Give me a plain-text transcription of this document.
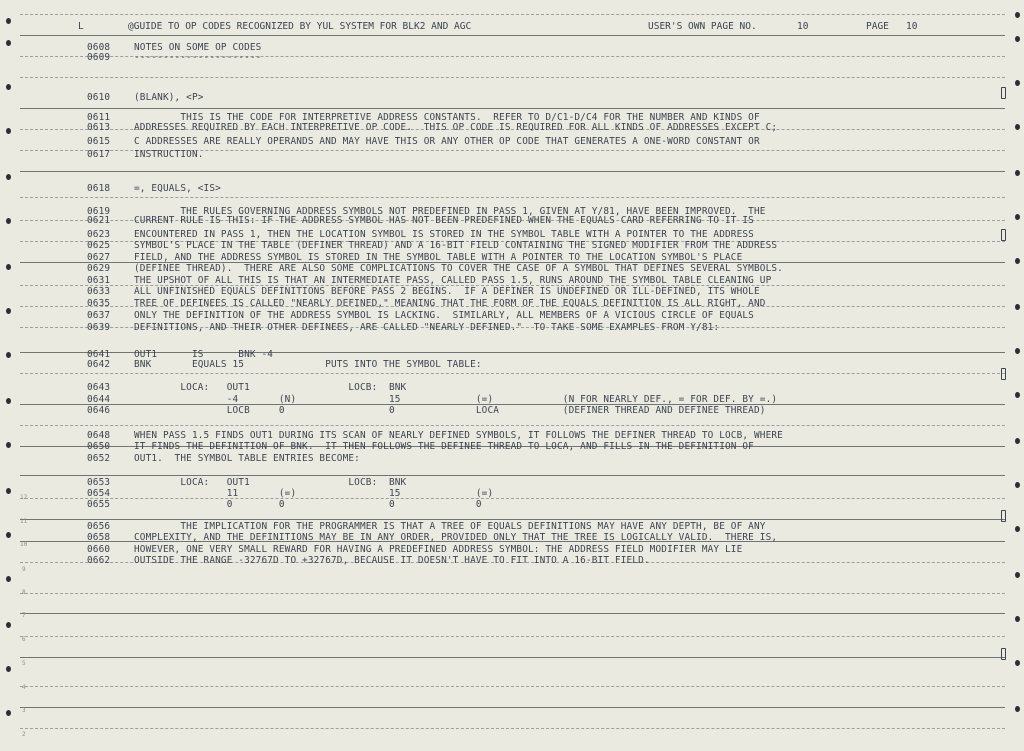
L	@GUIDE TO OP CODES RECOGNIZED BY YUL SYSTEM FOR BLK2 AND AGC	USER'S OWN PAGE NO.	10	PAGE 10
12
11
10
9
8
7
6
5
4
3
2
0608	NOTES ON SOME OP CODES
0609	----------------------
0610	(BLANK), <P>
0611	THIS IS THE CODE FOR INTERPRETIVE ADDRESS CONSTANTS.  REFER TO D/C1-D/C4 FOR THE NUMBER AND KINDS OF
0613	ADDRESSES REQUIRED BY EACH INTERPRETIVE OP CODE.  THIS OP CODE IS REQUIRED FOR ALL KINDS OF ADDRESSES EXCEPT C;
0615	C ADDRESSES ARE REALLY OPERANDS AND MAY HAVE THIS OR ANY OTHER OP CODE THAT GENERATES A ONE-WORD CONSTANT OR
0617	INSTRUCTION.
0618	=, EQUALS, <IS>
0619	THE RULES GOVERNING ADDRESS SYMBOLS NOT PREDEFINED IN PASS 1, GIVEN AT Y/81, HAVE BEEN IMPROVED.  THE
0621	CURRENT RULE IS THIS: IF THE ADDRESS SYMBOL HAS NOT BEEN PREDEFINED WHEN THE EQUALS CARD REFERRING TO IT IS
0623	ENCOUNTERED IN PASS 1, THEN THE LOCATION SYMBOL IS STORED IN THE SYMBOL TABLE WITH A POINTER TO THE ADDRESS
0625	SYMBOL'S PLACE IN THE TABLE (DEFINER THREAD) AND A 16-BIT FIELD CONTAINING THE SIGNED MODIFIER FROM THE ADDRESS
0627	FIELD, AND THE ADDRESS SYMBOL IS STORED IN THE SYMBOL TABLE WITH A POINTER TO THE LOCATION SYMBOL'S PLACE
0629	(DEFINEE THREAD).  THERE ARE ALSO SOME COMPLICATIONS TO COVER THE CASE OF A SYMBOL THAT DEFINES SEVERAL SYMBOLS.
0631	THE UPSHOT OF ALL THIS IS THAT AN INTERMEDIATE PASS, CALLED PASS 1.5, RUNS AROUND THE SYMBOL TABLE CLEANING UP
0633	ALL UNFINISHED EQUALS DEFINITIONS BEFORE PASS 2 BEGINS.  IF A DEFINER IS UNDEFINED OR ILL-DEFINED, ITS WHOLE
0635	TREE OF DEFINEES IS CALLED "NEARLY DEFINED," MEANING THAT THE FORM OF THE EQUALS DEFINITION IS ALL RIGHT, AND
0637	ONLY THE DEFINITION OF THE ADDRESS SYMBOL IS LACKING.  SIMILARLY, ALL MEMBERS OF A VICIOUS CIRCLE OF EQUALS
0639	DEFINITIONS, AND THEIR OTHER DEFINEES, ARE CALLED "NEARLY DEFINED."  TO TAKE SOME EXAMPLES FROM Y/81:
0641	OUT1      IS      BNK -4
0642	BNK       EQUALS 15              PUTS INTO THE SYMBOL TABLE:
0643	LOCA:   OUT1                 LOCB:  BNK
0644	-4       (N)                15             (=)            (N FOR NEARLY DEF., = FOR DEF. BY =.)
0646	LOCB     0                  0              LOCA           (DEFINER THREAD AND DEFINEE THREAD)
0648	WHEN PASS 1.5 FINDS OUT1 DURING ITS SCAN OF NEARLY DEFINED SYMBOLS, IT FOLLOWS THE DEFINER THREAD TO LOCB, WHERE
0650	IT FINDS THE DEFINITION OF BNK.  IT THEN FOLLOWS THE DEFINEE THREAD TO LOCA, AND FILLS IN THE DEFINITION OF
0652	OUT1.  THE SYMBOL TABLE ENTRIES BECOME:
0653	LOCA:   OUT1                 LOCB:  BNK
0654	11       (=)                15             (=)
0655	0        0                  0              0
0656	THE IMPLICATION FOR THE PROGRAMMER IS THAT A TREE OF EQUALS DEFINITIONS MAY HAVE ANY DEPTH, BE OF ANY
0658	COMPLEXITY, AND THE DEFINITIONS MAY BE IN ANY ORDER, PROVIDED ONLY THAT THE TREE IS LOGICALLY VALID.  THERE IS,
0660	HOWEVER, ONE VERY SMALL REWARD FOR HAVING A PREDEFINED ADDRESS SYMBOL: THE ADDRESS FIELD MODIFIER MAY LIE
0662	OUTSIDE THE RANGE -32767D TO +32767D, BECAUSE IT DOESN'T HAVE TO FIT INTO A 16-BIT FIELD.
